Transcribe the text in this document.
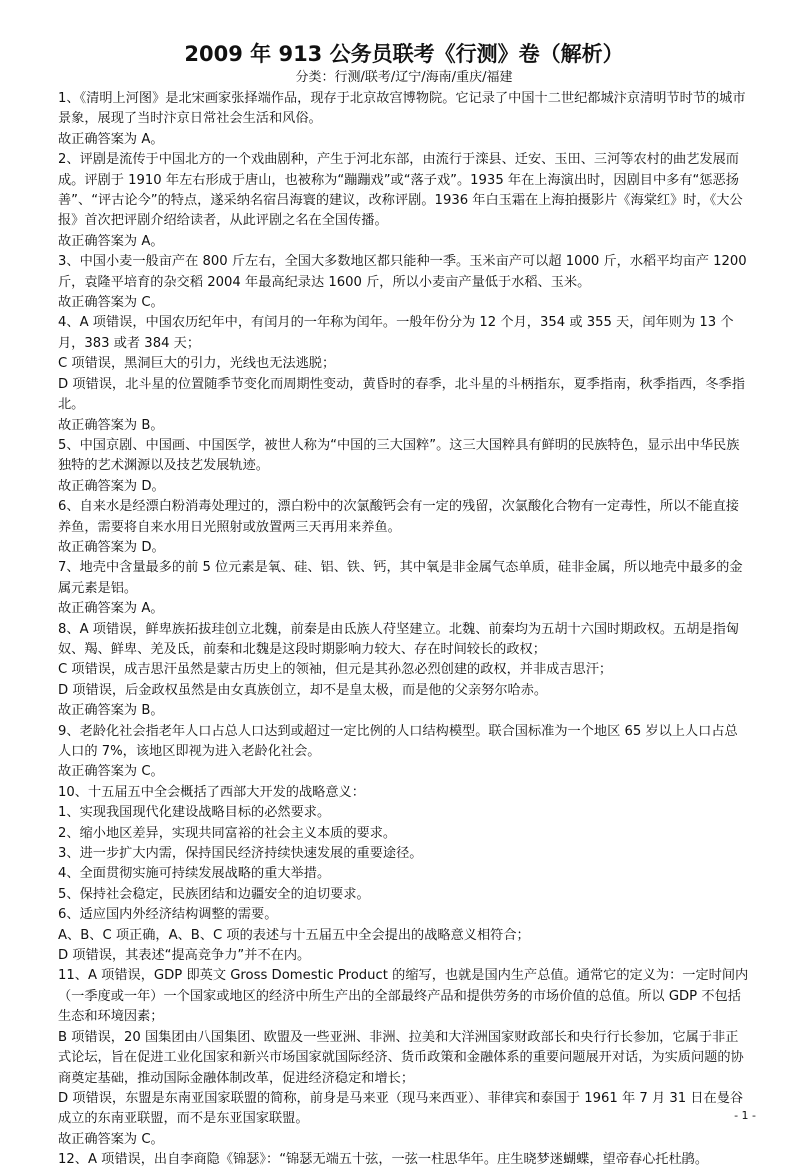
2009 年 913 公务员联考《行测》卷（解析）
分类：行测/联考/辽宁/海南/重庆/福建

1、《清明上河图》是北宋画家张择端作品，现存于北京故宫博物院。它记录了中国十二世纪都城汴京清明节时节的城市景象，展现了当时汴京日常社会生活和风俗。

故正确答案为 A。

2、评剧是流传于中国北方的一个戏曲剧种，产生于河北东部，由流行于滦县、迁安、玉田、三河等农村的曲艺发展而成。评剧于 1910 年左右形成于唐山，也被称为“蹦蹦戏”或“落子戏”。1935 年在上海演出时，因剧目中多有“惩恶扬善”、“评古论今”的特点，遂采纳名宿吕海寰的建议，改称评剧。1936 年白玉霜在上海拍摄影片《海棠红》时，《大公报》首次把评剧介绍给读者，从此评剧之名在全国传播。

故正确答案为 A。

3、中国小麦一般亩产在 800 斤左右，全国大多数地区都只能种一季。玉米亩产可以超 1000 斤，水稻平均亩产 1200 斤，袁隆平培育的杂交稻 2004 年最高纪录达 1600 斤，所以小麦亩产量低于水稻、玉米。

故正确答案为 C。

4、A 项错误，中国农历纪年中，有闰月的一年称为闰年。一般年份分为 12 个月，354 或 355 天，闰年则为 13 个月，383 或者 384 天；

C 项错误，黑洞巨大的引力，光线也无法逃脱；

D 项错误，北斗星的位置随季节变化而周期性变动，黄昏时的春季，北斗星的斗柄指东，夏季指南，秋季指西，冬季指北。

故正确答案为 B。

5、中国京剧、中国画、中国医学，被世人称为“中国的三大国粹”。这三大国粹具有鲜明的民族特色，显示出中华民族独特的艺术渊源以及技艺发展轨迹。

故正确答案为 D。

6、自来水是经漂白粉消毒处理过的，漂白粉中的次氯酸钙会有一定的残留，次氯酸化合物有一定毒性，所以不能直接养鱼，需要将自来水用日光照射或放置两三天再用来养鱼。

故正确答案为 D。

7、地壳中含量最多的前 5 位元素是氧、硅、铝、铁、钙，其中氧是非金属气态单质，硅非金属，所以地壳中最多的金属元素是铝。

故正确答案为 A。

8、A 项错误，鲜卑族拓拔珪创立北魏，前秦是由氐族人苻坚建立。北魏、前秦均为五胡十六国时期政权。五胡是指匈奴、羯、鲜卑、羌及氐，前秦和北魏是这段时期影响力较大、存在时间较长的政权；

C 项错误，成吉思汗虽然是蒙古历史上的领袖，但元是其孙忽必烈创建的政权，并非成吉思汗；

D 项错误，后金政权虽然是由女真族创立，却不是皇太极，而是他的父亲努尔哈赤。

故正确答案为 B。

9、老龄化社会指老年人口占总人口达到或超过一定比例的人口结构模型。联合国标准为一个地区 65 岁以上人口占总人口的 7%，该地区即视为进入老龄化社会。

故正确答案为 C。

10、十五届五中全会概括了西部大开发的战略意义：

1、实现我国现代化建设战略目标的必然要求。

2、缩小地区差异，实现共同富裕的社会主义本质的要求。

3、进一步扩大内需，保持国民经济持续快速发展的重要途径。

4、全面贯彻实施可持续发展战略的重大举措。

5、保持社会稳定，民族团结和边疆安全的迫切要求。

6、适应国内外经济结构调整的需要。

A、B、C 项正确，A、B、C 项的表述与十五届五中全会提出的战略意义相符合；

D 项错误，其表述“提高竞争力”并不在内。

11、A 项错误，GDP 即英文 Gross Domestic Product 的缩写，也就是国内生产总值。通常它的定义为：一定时间内（一季度或一年）一个国家或地区的经济中所生产出的全部最终产品和提供劳务的市场价值的总值。所以 GDP 不包括生态和环境因素；

B 项错误，20 国集团由八国集团、欧盟及一些亚洲、非洲、拉美和大洋洲国家财政部长和央行行长参加，它属于非正式论坛，旨在促进工业化国家和新兴市场国家就国际经济、货币政策和金融体系的重要问题展开对话，为实质问题的协商奠定基础，推动国际金融体制改革，促进经济稳定和增长；

D 项错误，东盟是东南亚国家联盟的简称，前身是马来亚（现马来西亚）、菲律宾和泰国于 1961 年 7 月 31 日在曼谷成立的东南亚联盟，而不是东亚国家联盟。

故正确答案为 C。

12、A 项错误，出自李商隐《锦瑟》：“锦瑟无端五十弦，一弦一柱思华年。庄生晓梦迷蝴蝶，望帝春心托杜鹃。

- 1 -
